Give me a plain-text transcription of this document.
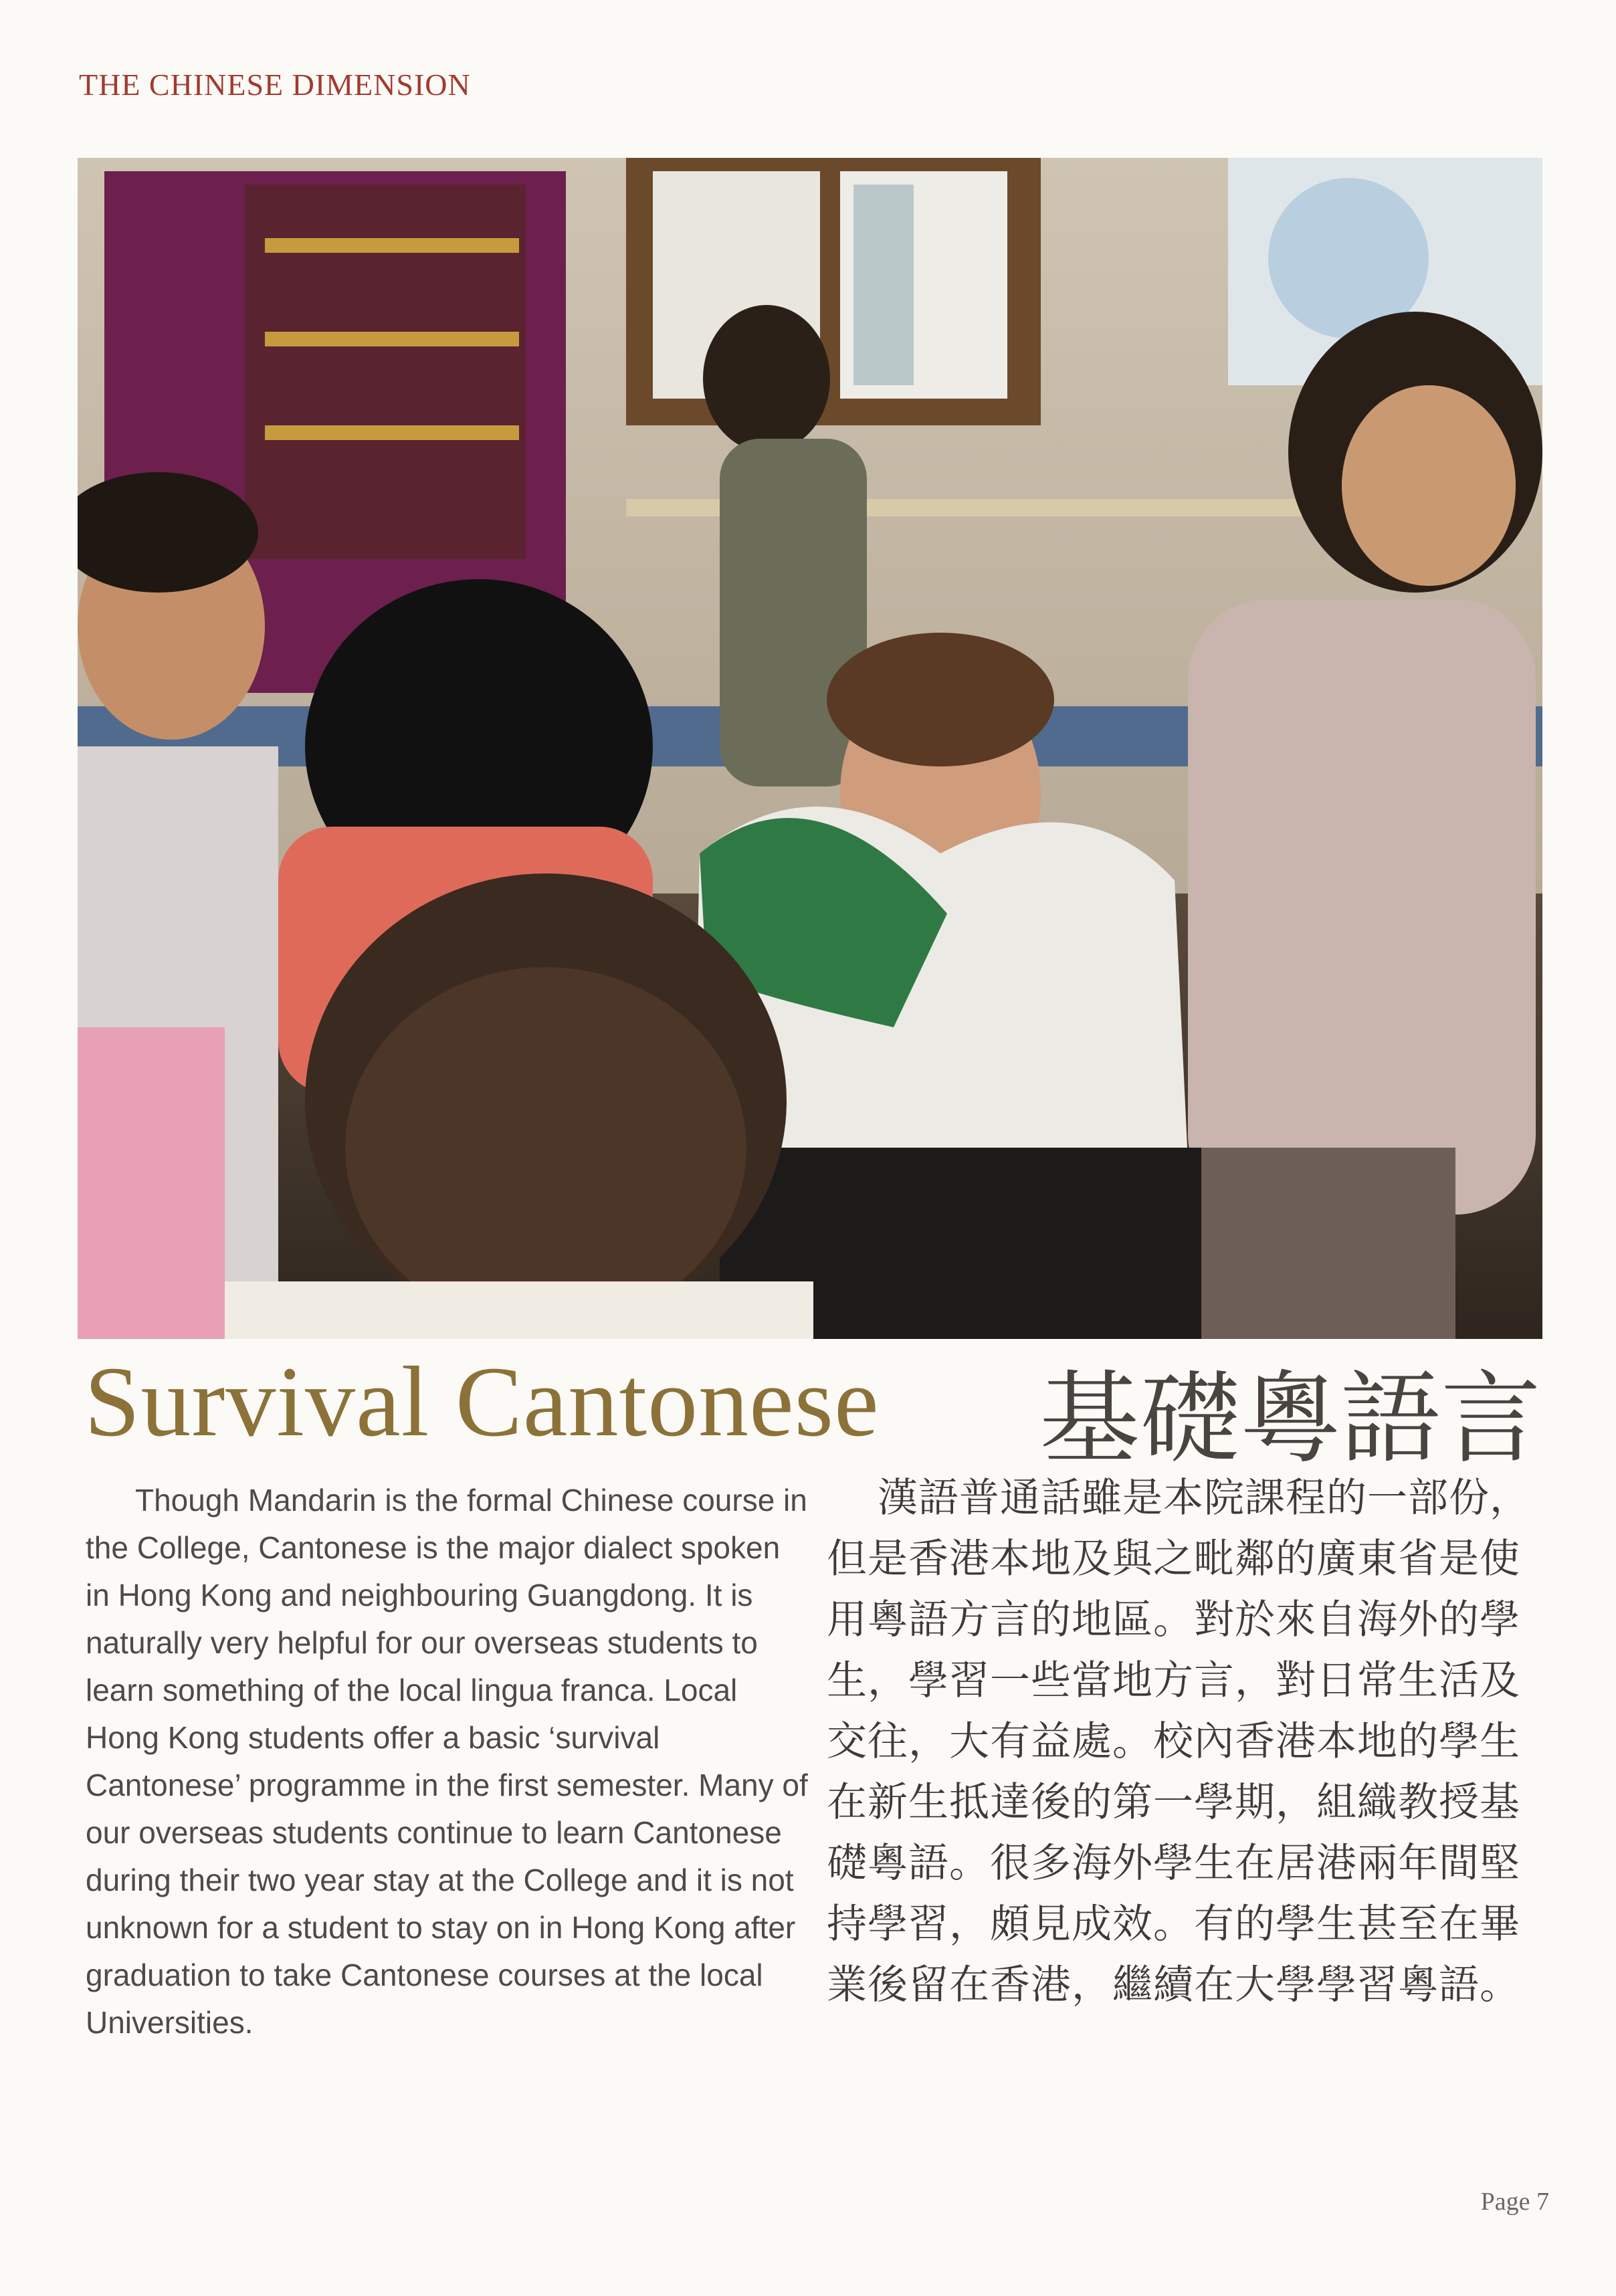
THE CHINESE DIMENSION
Survival Cantonese 基礎粵語言

Though Mandarin is the formal Chinese course in the College, Cantonese is the major dialect spoken in Hong Kong and neighbouring Guangdong. It is naturally very helpful for our overseas students to learn something of the local lingua franca. Local Hong Kong students offer a basic ‘survival Cantonese’ programme in the first semester. Many of our overseas students continue to learn Cantonese during their two year stay at the College and it is not unknown for a student to stay on in Hong Kong after graduation to take Cantonese courses at the local Universities.

漢語普通話雖是本院課程的一部份，但是香港本地及與之毗鄰的廣東省是使用粵語方言的地區。對於來自海外的學生，學習一些當地方言，對日常生活及交往，大有益處。校內香港本地的學生在新生抵達後的第一學期，組織教授基礎粵語。很多海外學生在居港兩年間堅持學習，頗見成效。有的學生甚至在畢業後留在香港，繼續在大學學習粵語。

Page 7
